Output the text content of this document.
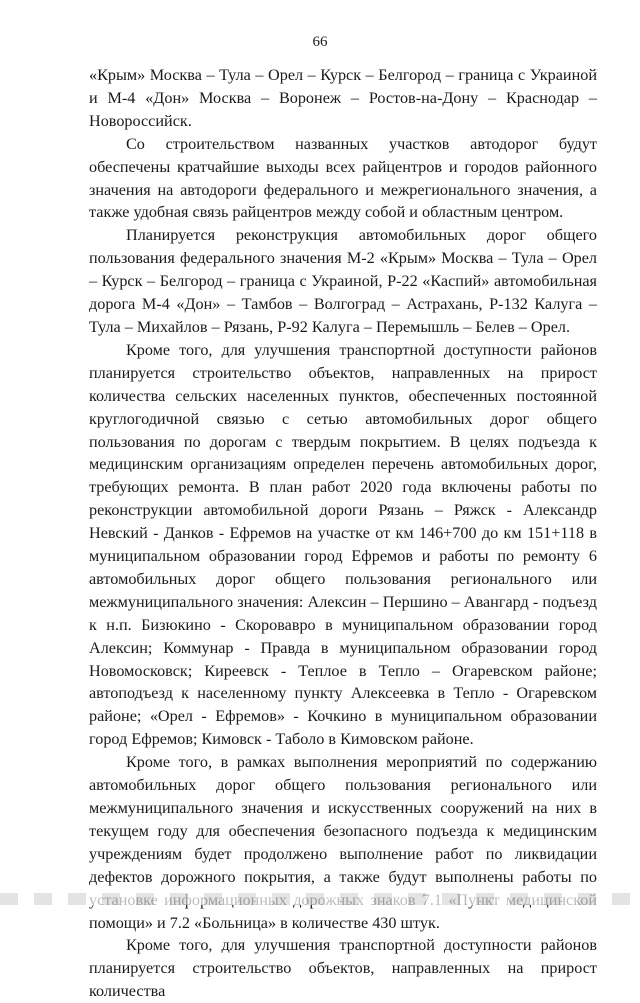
66

«Крым» Москва – Тула – Орел – Курск – Белгород – граница с Украиной и М-4 «Дон» Москва – Воронеж – Ростов-на-Дону – Краснодар – Новороссийск.

Со строительством названных участков автодорог будут обеспечены кратчайшие выходы всех райцентров и городов районного значения на автодороги федерального и межрегионального значения, а также удобная связь райцентров между собой и областным центром.

Планируется реконструкция автомобильных дорог общего пользования федерального значения М-2 «Крым» Москва – Тула – Орел – Курск – Белгород – граница с Украиной, Р-22 «Каспий» автомобильная дорога М-4 «Дон» – Тамбов – Волгоград – Астрахань, Р-132 Калуга – Тула – Михайлов – Рязань, Р-92 Калуга – Перемышль – Белев – Орел.

Кроме того, для улучшения транспортной доступности районов планируется строительство объектов, направленных на прирост количества сельских населенных пунктов, обеспеченных постоянной круглогодичной связью с сетью автомобильных дорог общего пользования по дорогам с твердым покрытием. В целях подъезда к медицинским организациям определен перечень автомобильных дорог, требующих ремонта. В план работ 2020 года включены работы по реконструкции автомобильной дороги Рязань – Ряжск - Александр Невский - Данков - Ефремов на участке от км 146+700 до км 151+118 в муниципальном образовании город Ефремов и работы по ремонту 6 автомобильных дорог общего пользования регионального или межмуниципального значения: Алексин – Першино – Авангард - подъезд к н.п. Бизюкино - Скоровавро в муниципальном образовании город Алексин; Коммунар - Правда в муниципальном образовании город Новомосковск; Киреевск - Теплое в Тепло – Огаревском районе; автоподъезд к населенному пункту Алексеевка в Тепло - Огаревском районе; «Орел - Ефремов» - Кочкино в муниципальном образовании город Ефремов; Кимовск - Таболо в Кимовском районе.

Кроме того, в рамках выполнения мероприятий по содержанию автомобильных дорог общего пользования регионального или межмуниципального значения и искусственных сооружений на них в текущем году для обеспечения безопасного подъезда к медицинским учреждениям будет продолжено выполнение работ по ликвидации дефектов дорожного покрытия, а также будут выполнены работы по помощи» и 7.2 «Больница» в количестве 430 штук.

Кроме того, для улучшения транспортной доступности районов планируется строительство объектов, направленных на прирост количества
